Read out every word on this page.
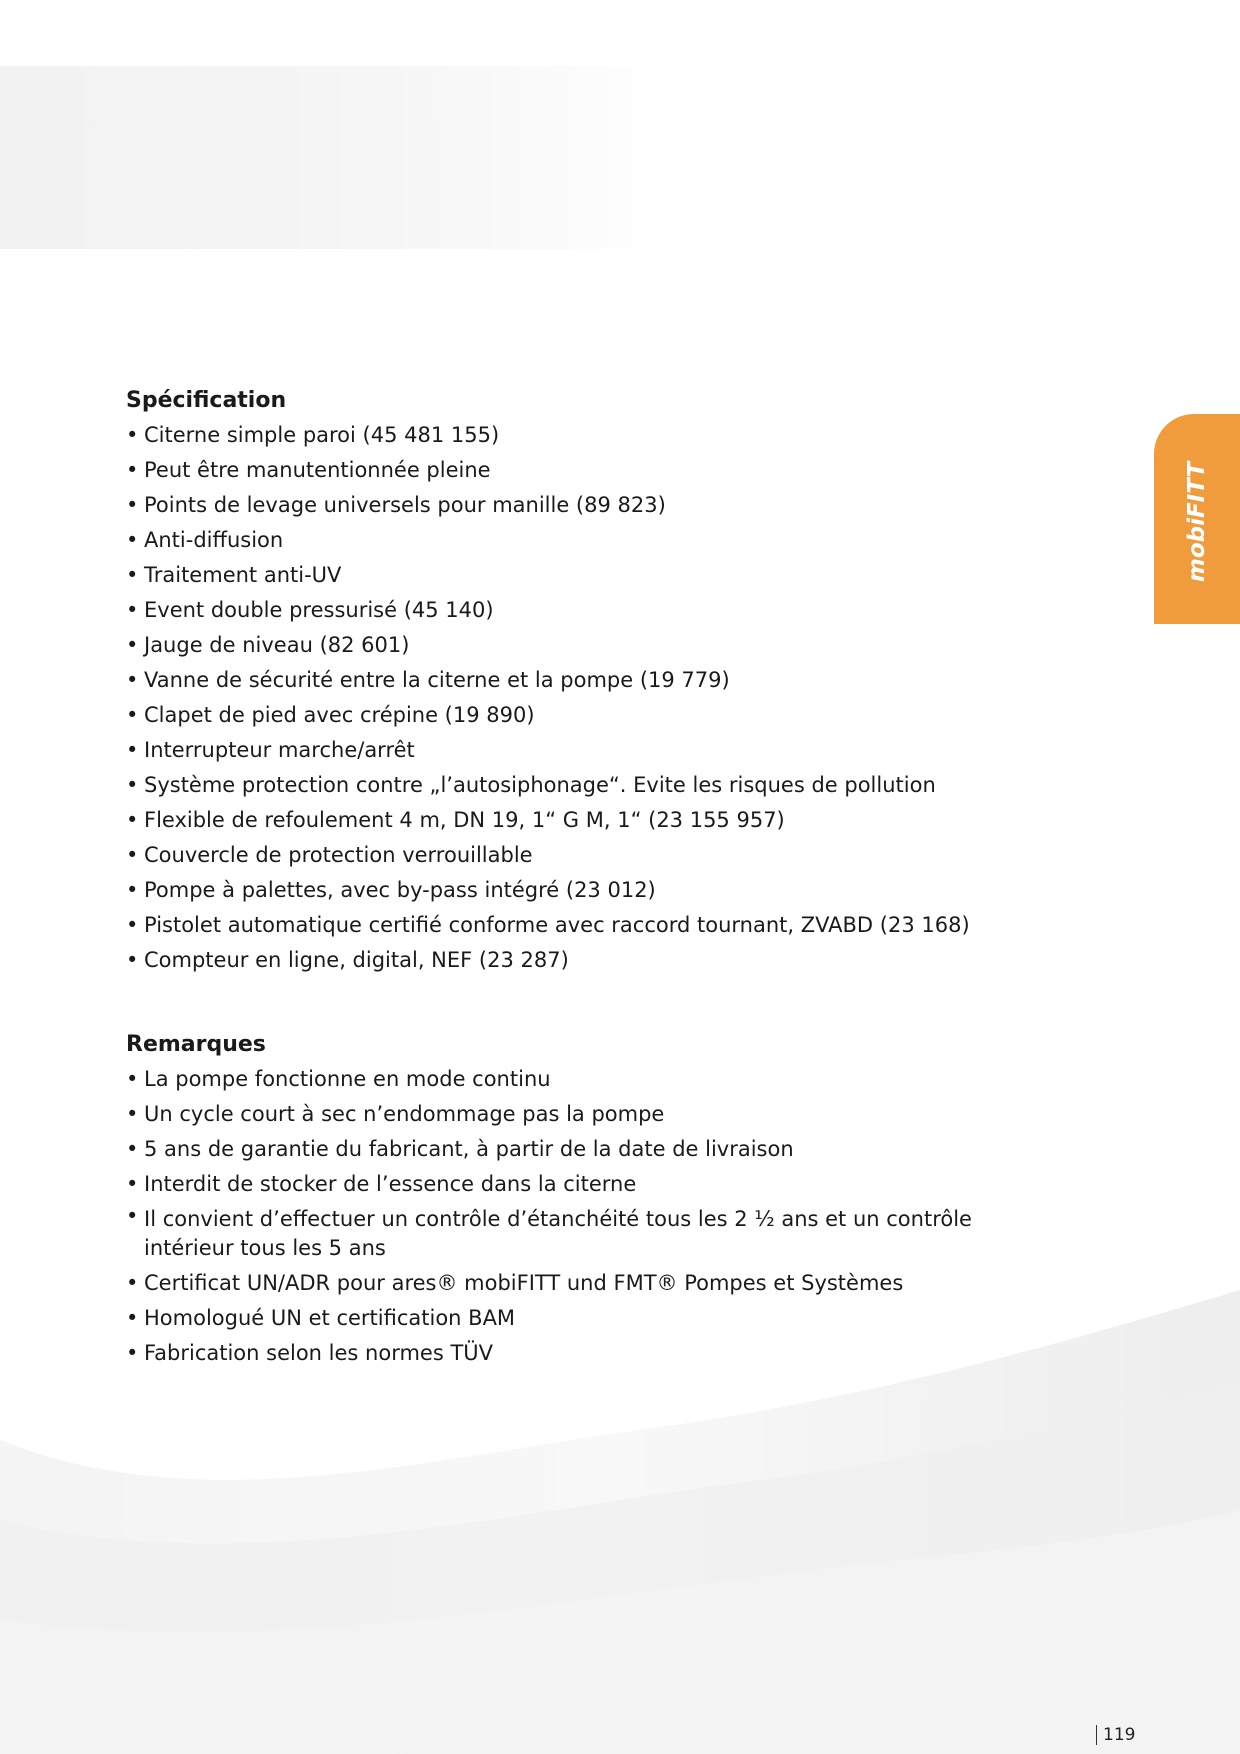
mobiFITT
Spécification
• Citerne simple paroi (45 481 155)
• Peut être manutentionnée pleine
• Points de levage universels pour manille (89 823)
• Anti-diffusion
• Traitement anti-UV
• Event double pressurisé (45 140)
• Jauge de niveau (82 601)
• Vanne de sécurité entre la citerne et la pompe (19 779)
• Clapet de pied avec crépine (19 890)
• Interrupteur marche/arrêt
• Système protection contre „l’autosiphonage“. Evite les risques de pollution
• Flexible de refoulement 4 m, DN 19, 1“ G M, 1“ (23 155 957)
• Couvercle de protection verrouillable
• Pompe à palettes, avec by-pass intégré (23 012)
• Pistolet automatique certifié conforme avec raccord tournant, ZVABD (23 168)
• Compteur en ligne, digital, NEF (23 287)
Remarques
• La pompe fonctionne en mode continu
• Un cycle court à sec n’endommage pas la pompe
• 5 ans de garantie du fabricant, à partir de la date de livraison
• Interdit de stocker de l’essence dans la citerne
• Il convient d’effectuer un contrôle d’étanchéité tous les 2 ½ ans et un contrôle intérieur tous les 5 ans
• Certificat UN/ADR pour ares® mobiFITT und FMT® Pompes et Systèmes
• Homologué UN et certification BAM
• Fabrication selon les normes TÜV
119
